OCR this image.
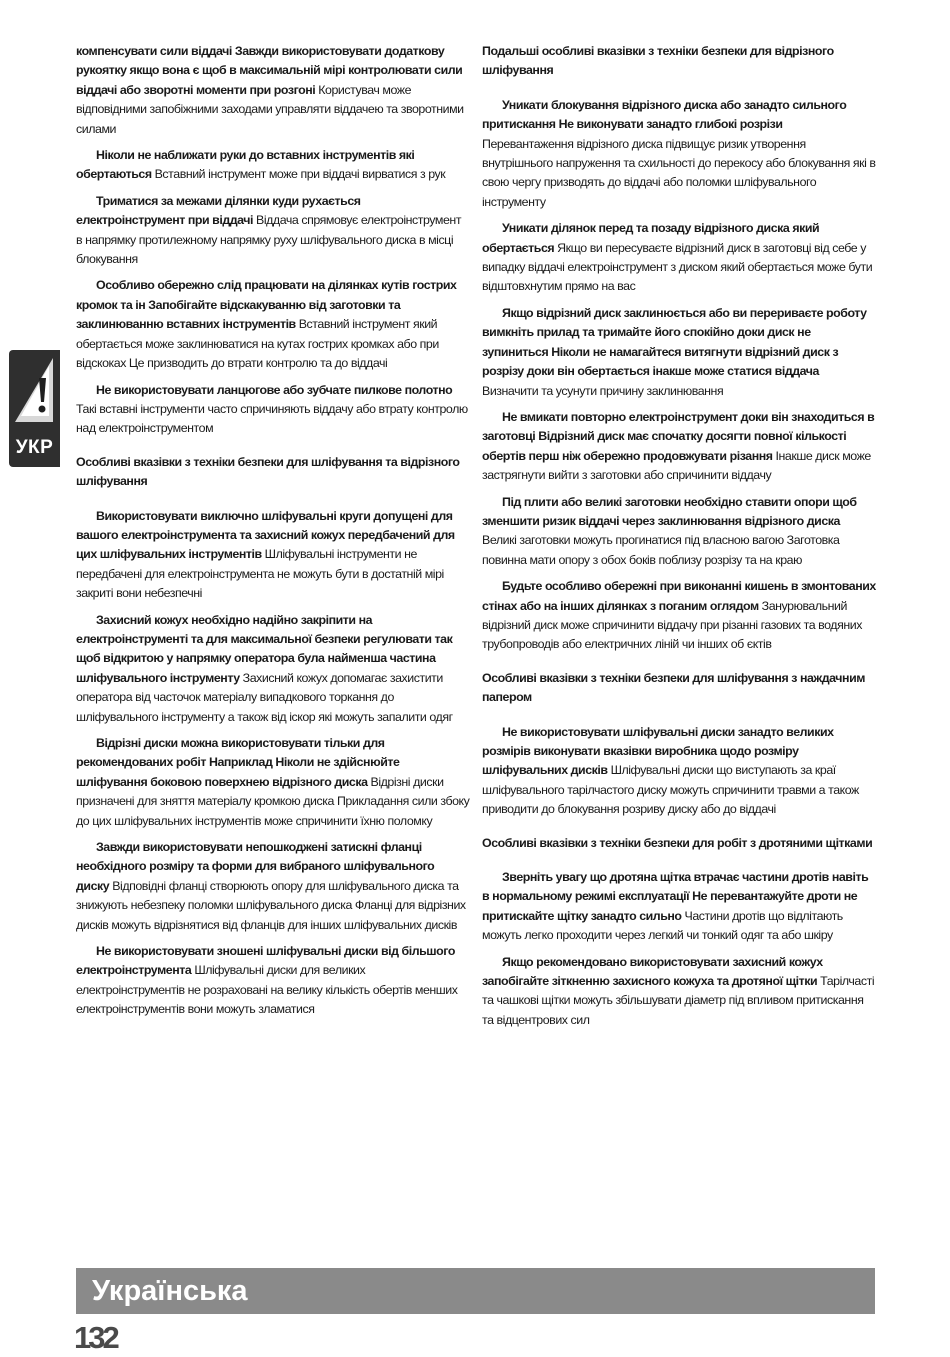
УКР

компенсувати сили віддачі Завжди використовувати додаткову рукоятку якщо вона є щоб в максимальній мірі контролювати сили віддачі або зворотні моменти при розгоні Користувач може відповідними запобіжними заходами управляти віддачею та зворотними силами

Ніколи не наближати руки до вставних інструментів які обертаються Вставний інструмент може при віддачі вирватися з рук

Триматися за межами ділянки куди рухається електроінструмент при віддачі Віддача спрямовує електроінструмент в напрямку протилежному напрямку руху шліфувального диска в місці блокування

Особливо обережно слід працювати на ділянках кутів гострих кромок та ін Запобігайте відскакуванню від заготовки та заклинюванню вставних інструментів Вставний інструмент який обертається може заклинюватися на кутах гострих кромках або при відскоках Це призводить до втрати контролю та до віддачі

Не використовувати ланцюгове або зубчате пилкове полотно Такі вставні інструменти часто спричиняють віддачу або втрату контролю над електроінструментом

Особливі вказівки з техніки безпеки для шліфування та відрізного шліфування

Використовувати виключно шліфувальні круги допущені для вашого електроінструмента та захисний кожух передбачений для цих шліфувальних інструментів Шліфувальні інструменти не передбачені для електроінструмента не можуть бути в достатній мірі закриті вони небезпечні

Захисний кожух необхідно надійно закріпити на електроінструменті та для максимальної безпеки регулювати так щоб відкритою у напрямку оператора була найменша частина шліфувального інструменту Захисний кожух допомагає захистити оператора від часточок матеріалу випадкового торкання до шліфувального інструменту а також від іскор які можуть запалити одяг

Відрізні диски можна використовувати тільки для рекомендованих робіт Наприклад Ніколи не здійснюйте шліфування боковою поверхнею відрізного диска Відрізні диски призначені для зняття матеріалу кромкою диска Прикладання сили збоку до цих шліфувальних інструментів може спричинити їхню поломку

Завжди використовувати непошкоджені затискні фланці необхідного розміру та форми для вибраного шліфувального диску Відповідні фланці створюють опору для шліфувального диска та знижують небезпеку поломки шліфувального диска Фланці для відрізних дисків можуть відрізнятися від фланців для інших шліфувальних дисків

Не використовувати зношені шліфувальні диски від більшого електроінструмента Шліфувальні диски для великих електроінструментів не розраховані на велику кількість обертів менших електроінструментів вони можуть зламатися

Подальші особливі вказівки з техніки безпеки для відрізного шліфування

Уникати блокування відрізного диска або занадто сильного притискання Не виконувати занадто глибокі розрізи Перевантаження відрізного диска підвищує ризик утворення внутрішнього напруження та схильності до перекосу або блокування які в свою чергу призводять до віддачі або поломки шліфувального інструменту

Уникати ділянок перед та позаду відрізного диска який обертається Якщо ви пересуваєте відрізний диск в заготовці від себе у випадку віддачі електроінструмент з диском який обертається може бути відштовхнутим прямо на вас

Якщо відрізний диск заклинюється або ви перериваєте роботу вимкніть прилад та тримайте його спокійно доки диск не зупиниться Ніколи не намагайтеся витягнути відрізний диск з розрізу доки він обертається інакше може статися віддача Визначити та усунути причину заклинювання

Не вмикати повторно електроінструмент доки він знаходиться в заготовці Відрізний диск має спочатку досягти повної кількості обертів перш ніж обережно продовжувати різання Інакше диск може застрягнути вийти з заготовки або спричинити віддачу

Під плити або великі заготовки необхідно ставити опори щоб зменшити ризик віддачі через заклинювання відрізного диска Великі заготовки можуть прогинатися під власною вагою Заготовка повинна мати опору з обох боків поблизу розрізу та на краю

Будьте особливо обережні при виконанні кишень в змонтованих стінах або на інших ділянках з поганим оглядом Занурювальний відрізний диск може спричинити віддачу при різанні газових та водяних трубопроводів або електричних ліній чи інших об єктів

Особливі вказівки з техніки безпеки для шліфування з наждачним папером

Не використовувати шліфувальні диски занадто великих розмірів виконувати вказівки виробника щодо розміру шліфувальних дисків Шліфувальні диски що виступають за краї шліфувального тарілчастого диску можуть спричинити травми а також приводити до блокування розриву диску або до віддачі

Особливі вказівки з техніки безпеки для робіт з дротяними щітками

Зверніть увагу що дротяна щітка втрачає частини дротів навіть в нормальному режимі експлуатації Не перевантажуйте дроти не притискайте щітку занадто сильно Частини дротів що відлітають можуть легко проходити через легкий чи тонкий одяг та або шкіру

Якщо рекомендовано використовувати захисний кожух запобігайте зіткненню захисного кожуха та дротяної щітки Тарілчасті та чашкові щітки можуть збільшувати діаметр під впливом притискання та відцентрових сил

Українська
132
